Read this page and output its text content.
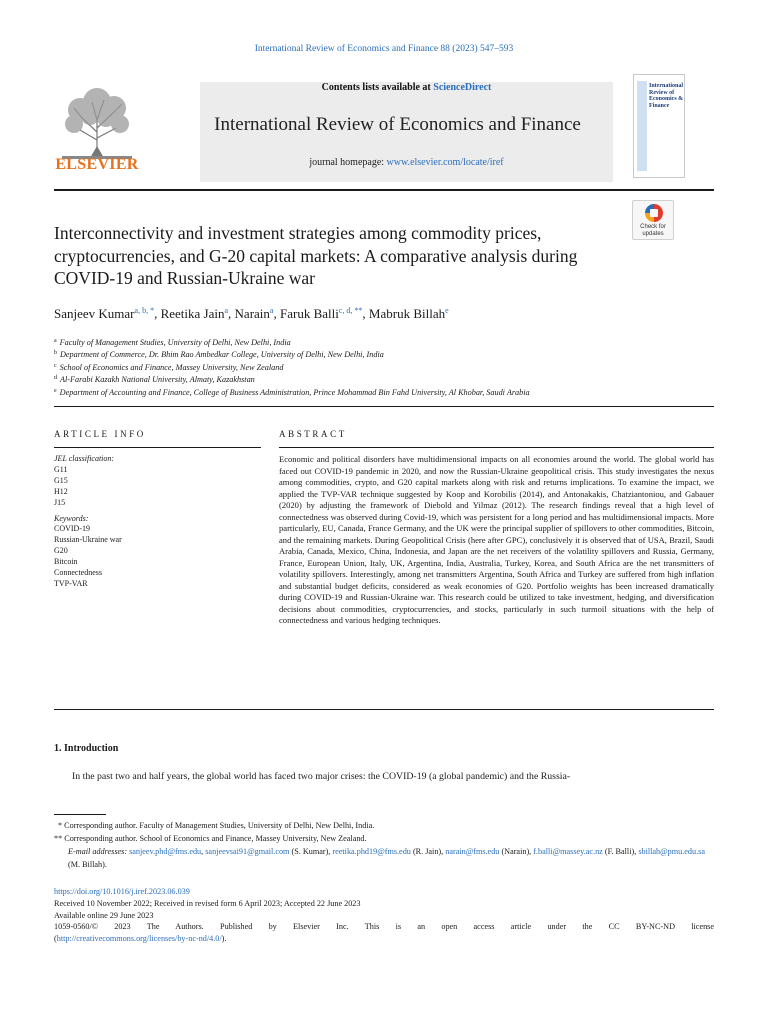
International Review of Economics and Finance 88 (2023) 547–593
Contents lists available at ScienceDirect
International Review of Economics and Finance
journal homepage: www.elsevier.com/locate/iref
ELSEVIER
International Review of Economics & Finance
Check for
updates
Interconnectivity and investment strategies among commodity prices, cryptocurrencies, and G-20 capital markets: A comparative analysis during COVID-19 and Russian-Ukraine war
Sanjeev Kumar$^{a, b, *}$, Reetika Jain$^a$, Narain$^a$, Faruk Balli$^{c, d, **}$, Mabruk Billah$^e$
$^a$ Faculty of Management Studies, University of Delhi, New Delhi, India
$^b$ Department of Commerce, Dr. Bhim Rao Ambedkar College, University of Delhi, New Delhi, India
$^c$ School of Economics and Finance, Massey University, New Zealand
$^d$ Al-Farabi Kazakh National University, Almaty, Kazakhstan
$^e$ Department of Accounting and Finance, College of Business Administration, Prince Mohammad Bin Fahd University, Al Khobar, Saudi Arabia
ARTICLE INFO	ABSTRACT
JEL classification:
G11
G15
H12
J15
Keywords:
COVID-19
Russian-Ukraine war
G20
Bitcoin
Connectedness
TVP-VAR
Economic and political disorders have multidimensional impacts on all economies around the world. The global world has faced out COVID-19 pandemic in 2020, and now the Russian-Ukraine geopolitical crisis. This study investigates the nexus among commodities, crypto, and G20 capital markets along with risk and returns implications. To examine the impact, we applied the TVP-VAR technique suggested by Koop and Korobilis (2014), and Antonakakis, Chatziantoniou, and Gabauer (2020) by adjusting the framework of Diebold and Yilmaz (2012). The research findings reveal that a high level of connectedness was observed during Covid-19, which was persistent for a long period and has multidimensional impacts. More particularly, EU, Canada, France Germany, and the UK were the principal supplier of spillovers to other commodities, Bitcoin, and the remaining markets. During Geopolitical Crisis (here after GPC), conclusively it is observed that of USA, Brazil, Saudi Arabia, Canada, Mexico, China, Indonesia, and Japan are the net receivers of the volatility spillovers and Russia, Germany, France, European Union, Italy, UK, Argentina, India, Australia, Turkey, Korea, and South Africa are the net transmitters of volatility spillovers. Interestingly, among net transmitters Argentina, South Africa and Turkey are suffered from high inflation and substantial budget deficits, considered as weak economies of G20. Portfolio weights has been increased dramatically during COVID-19 and Russian-Ukraine war. This research could be utilized to take investment, hedging, and diversification decisions about commodities, cryptocurrencies, and stocks, particularly in such turmoil situations with the help of connectedness and various hedging techniques.
1. Introduction
In the past two and half years, the global world has faced two major crises: the COVID-19 (a global pandemic) and the Russia-
* Corresponding author. Faculty of Management Studies, University of Delhi, New Delhi, India.
** Corresponding author. School of Economics and Finance, Massey University, New Zealand.
E-mail addresses: sanjeev.phd@fms.edu, sanjeevsai91@gmail.com (S. Kumar), reetika.phd19@fms.edu (R. Jain), narain@fms.edu (Narain), f.balli@massey.ac.nz (F. Balli), sbillah@pmu.edu.sa (M. Billah).
https://doi.org/10.1016/j.iref.2023.06.039
Received 10 November 2022; Received in revised form 6 April 2023; Accepted 22 June 2023
Available online 29 June 2023
1059-0560/© 2023 The Authors. Published by Elsevier Inc. This is an open access article under the CC BY-NC-ND license
(http://creativecommons.org/licenses/by-nc-nd/4.0/).
